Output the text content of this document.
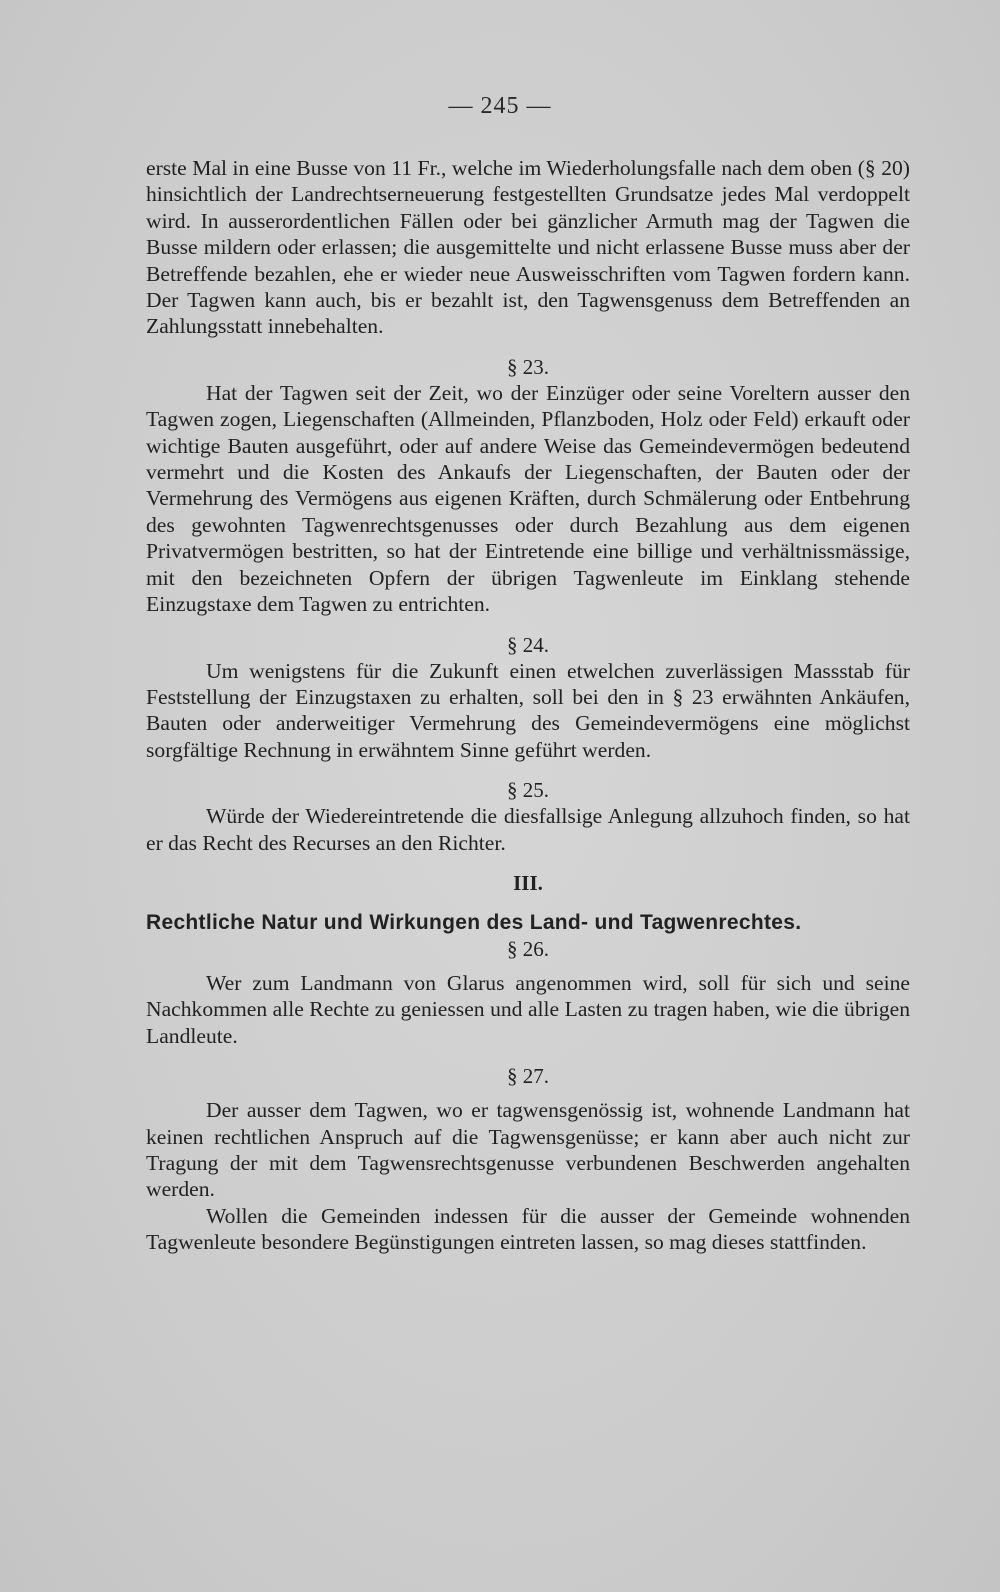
— 245 —

erste Mal in eine Busse von 11 Fr., welche im Wiederholungsfalle nach dem oben (§ 20) hinsichtlich der Landrechtserneuerung festgestellten Grundsatze jedes Mal verdoppelt wird. In ausserordentlichen Fällen oder bei gänzlicher Armuth mag der Tagwen die Busse mildern oder erlassen; die ausgemittelte und nicht erlassene Busse muss aber der Betreffende bezahlen, ehe er wieder neue Ausweisschriften vom Tagwen fordern kann. Der Tagwen kann auch, bis er bezahlt ist, den Tagwensgenuss dem Betreffenden an Zahlungsstatt innebehalten.

§ 23.

Hat der Tagwen seit der Zeit, wo der Einzüger oder seine Voreltern ausser den Tagwen zogen, Liegenschaften (Allmeinden, Pflanzboden, Holz oder Feld) erkauft oder wichtige Bauten ausgeführt, oder auf andere Weise das Gemeindevermögen bedeutend vermehrt und die Kosten des Ankaufs der Liegenschaften, der Bauten oder der Vermehrung des Vermögens aus eigenen Kräften, durch Schmälerung oder Entbehrung des gewohnten Tagwenrechtsgenusses oder durch Bezahlung aus dem eigenen Privatvermögen bestritten, so hat der Eintretende eine billige und verhältnissmässige, mit den bezeichneten Opfern der übrigen Tagwenleute im Einklang stehende Einzugstaxe dem Tagwen zu entrichten.

§ 24.

Um wenigstens für die Zukunft einen etwelchen zuverlässigen Massstab für Feststellung der Einzugstaxen zu erhalten, soll bei den in § 23 erwähnten Ankäufen, Bauten oder anderweitiger Vermehrung des Gemeindevermögens eine möglichst sorgfältige Rechnung in erwähntem Sinne geführt werden.

§ 25.

Würde der Wiedereintretende die diesfallsige Anlegung allzuhoch finden, so hat er das Recht des Recurses an den Richter.

III.
Rechtliche Natur und Wirkungen des Land- und Tagwenrechtes.
§ 26.

Wer zum Landmann von Glarus angenommen wird, soll für sich und seine Nachkommen alle Rechte zu geniessen und alle Lasten zu tragen haben, wie die übrigen Landleute.

§ 27.

Der ausser dem Tagwen, wo er tagwensgenössig ist, wohnende Landmann hat keinen rechtlichen Anspruch auf die Tagwensgenüsse; er kann aber auch nicht zur Tragung der mit dem Tagwensrechtsgenusse verbundenen Beschwerden angehalten werden.

Wollen die Gemeinden indessen für die ausser der Gemeinde wohnenden Tagwenleute besondere Begünstigungen eintreten lassen, so mag dieses stattfinden.
